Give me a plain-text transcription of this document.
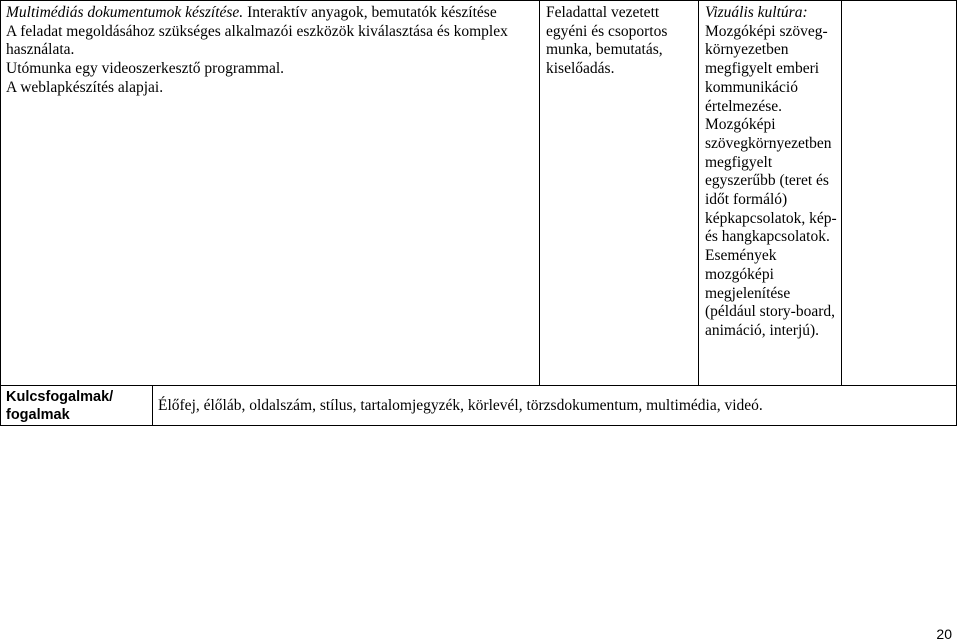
Multimédiás dokumentumok készítése. Interaktív anyagok, bemutatók készítése
A feladat megoldásához szükséges alkalmazói eszközök kiválasztása és komplex használata.
Utómunka egy videoszerkesztő programmal.
A weblapkészítés alapjai.
Feladattal vezetett egyéni és csoportos munka, bemutatás, kiselőadás.
Vizuális kultúra:
Mozgóképi szöveg-környezetben megfigyelt emberi kommunikáció értelmezése. Mozgóképi szövegkörnyezetben megfigyelt egyszerűbb (teret és időt formáló) képkapcsolatok, kép- és hangkapcsolatok. Események mozgóképi megjelenítése (például story-board, animáció, interjú).
Kulcsfogalmak/ fogalmak
Élőfej, élőláb, oldalszám, stílus, tartalomjegyzék, körlevél, törzsdokumentum, multimédia, videó.
20
